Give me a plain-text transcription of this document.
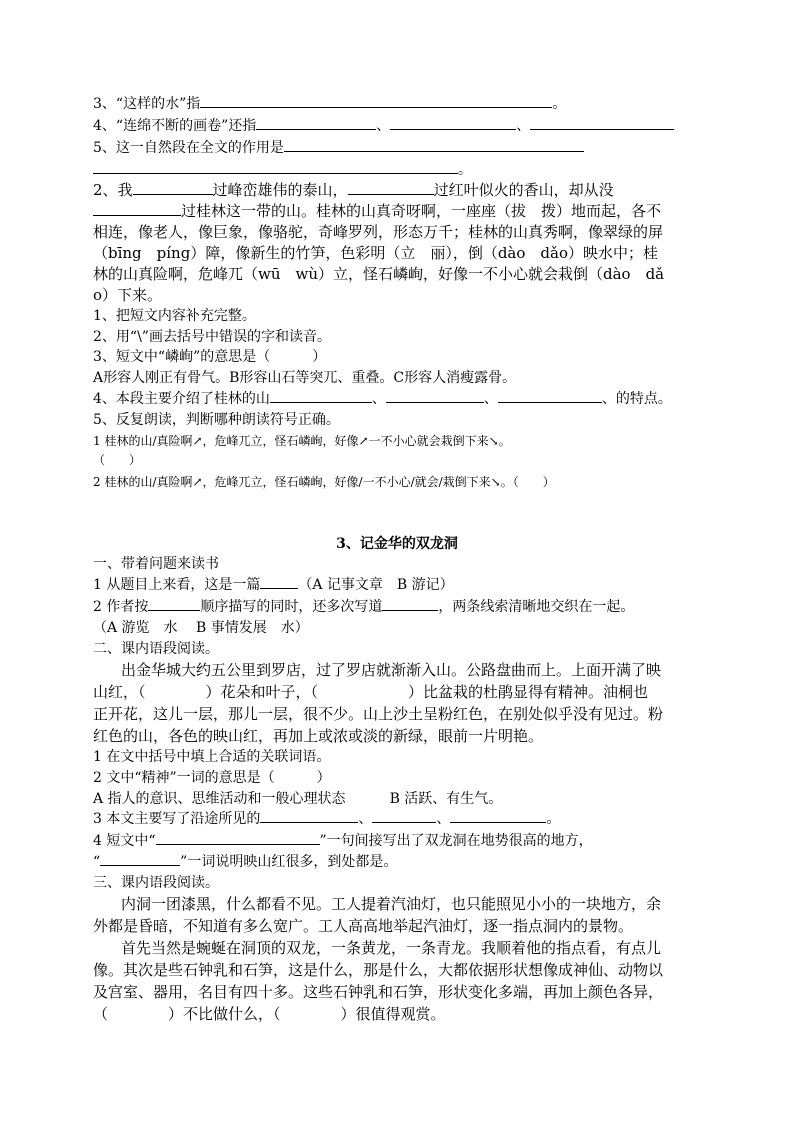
3、“这样的水”指	。
4、“连绵不断的画卷”还指	、	、
5、这一自然段在全文的作用是
。
2、我	过峰峦雄伟的泰山，	过红叶似火的香山，却从没
过桂林这一带的山。桂林的山真奇呀啊，一座座（拔　拨）地而起，各不
相连，像老人，像巨象，像骆驼，奇峰罗列，形态万千；桂林的山真秀啊，像翠绿的屏
（bīng　píng）障，像新生的竹笋，色彩明（立　丽），倒（dào　dǎo）映水中；桂
林的山真险啊，危峰兀（wū　wù）立，怪石嶙峋，好像一不小心就会栽倒（dào　dǎ
o）下来。
1、把短文内容补充完整。
2、用“\”画去括号中错误的字和读音。
3、短文中“嶙峋”的意思是（　　　）
A形容人刚正有骨气。B形容山石等突兀、重叠。C形容人消瘦露骨。
4、本段主要介绍了桂林的山	、	、	、的特点。
5、反复朗读，判断哪种朗读符号正确。
1 桂林的山/真险啊↗，危峰兀立，怪石嶙峋，好像↗一不小心就会栽倒下来↘。
（　　）
2 桂林的山/真险啊↗，危峰兀立，怪石嶙峋，好像/一不小心/就会/栽倒下来↘。（　　）
3、记金华的双龙洞
一、带着问题来读书
1 从题目上来看，这是一篇	（A 记事文章　B 游记）
2 作者按	顺序描写的同时，还多次写道	，两条线索清晰地交织在一起。
（A 游览　水　 B 事情发展　水）
二、课内语段阅读。
出金华城大约五公里到罗店，过了罗店就渐渐入山。公路盘曲而上。上面开满了映
山红，（　　　　）花朵和叶子，（　　　　　　）比盆栽的杜鹃显得有精神。油桐也
正开花，这儿一层，那儿一层，很不少。山上沙土呈粉红色，在别处似乎没有见过。粉
红色的山，各色的映山红，再加上或浓或淡的新绿，眼前一片明艳。
1 在文中括号中填上合适的关联词语。
2 文中“精神”一词的意思是（　　　）
A 指人的意识、思维活动和一般心理状态	B 活跃、有生气。
3 本文主要写了沿途所见的	、	、	。
4 短文中“	”一句间接写出了双龙洞在地势很高的地方，
“	”一词说明映山红很多，到处都是。
三、课内语段阅读。
内洞一团漆黑，什么都看不见。工人提着汽油灯，也只能照见小小的一块地方，余
外都是昏暗，不知道有多么宽广。工人高高地举起汽油灯，逐一指点洞内的景物。
首先当然是蜿蜒在洞顶的双龙，一条黄龙，一条青龙。我顺着他的指点看，有点儿
像。其次是些石钟乳和石笋，这是什么，那是什么，大都依据形状想像成神仙、动物以
及宫室、器用，名目有四十多。这些石钟乳和石笋，形状变化多端，再加上颜色各异，
（　　　　）不比做什么，（　　　　）很值得观赏。
